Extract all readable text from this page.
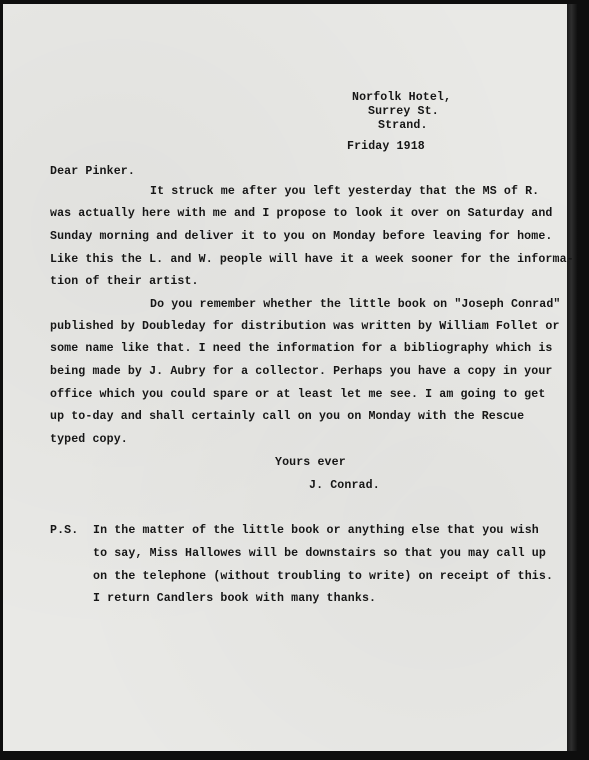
Norfolk Hotel,
Surrey St.
Strand.
Friday 1918
Dear Pinker.
It struck me after you left yesterday that the MS of R.
was actually here with me and I propose to look it over on Saturday and
Sunday morning and deliver it to you on Monday before leaving for home.
Like this the L. and W. people will have it a week sooner for the informa-
tion of their artist.
Do you remember whether the little book on "Joseph Conrad"
published by Doubleday for distribution was written by William Follet or
some name like that. I need the information for a bibliography which is
being made by J. Aubry for a collector. Perhaps you have a copy in your
office which you could spare or at least let me see. I am going to get
up to-day and shall certainly call on you on Monday with the Rescue
typed copy.
Yours ever
J. Conrad.
P.S. In the matter of the little book or anything else that you wish
to say, Miss Hallowes will be downstairs so that you may call up
on the telephone (without troubling to write) on receipt of this.
I return Candlers book with many thanks.
